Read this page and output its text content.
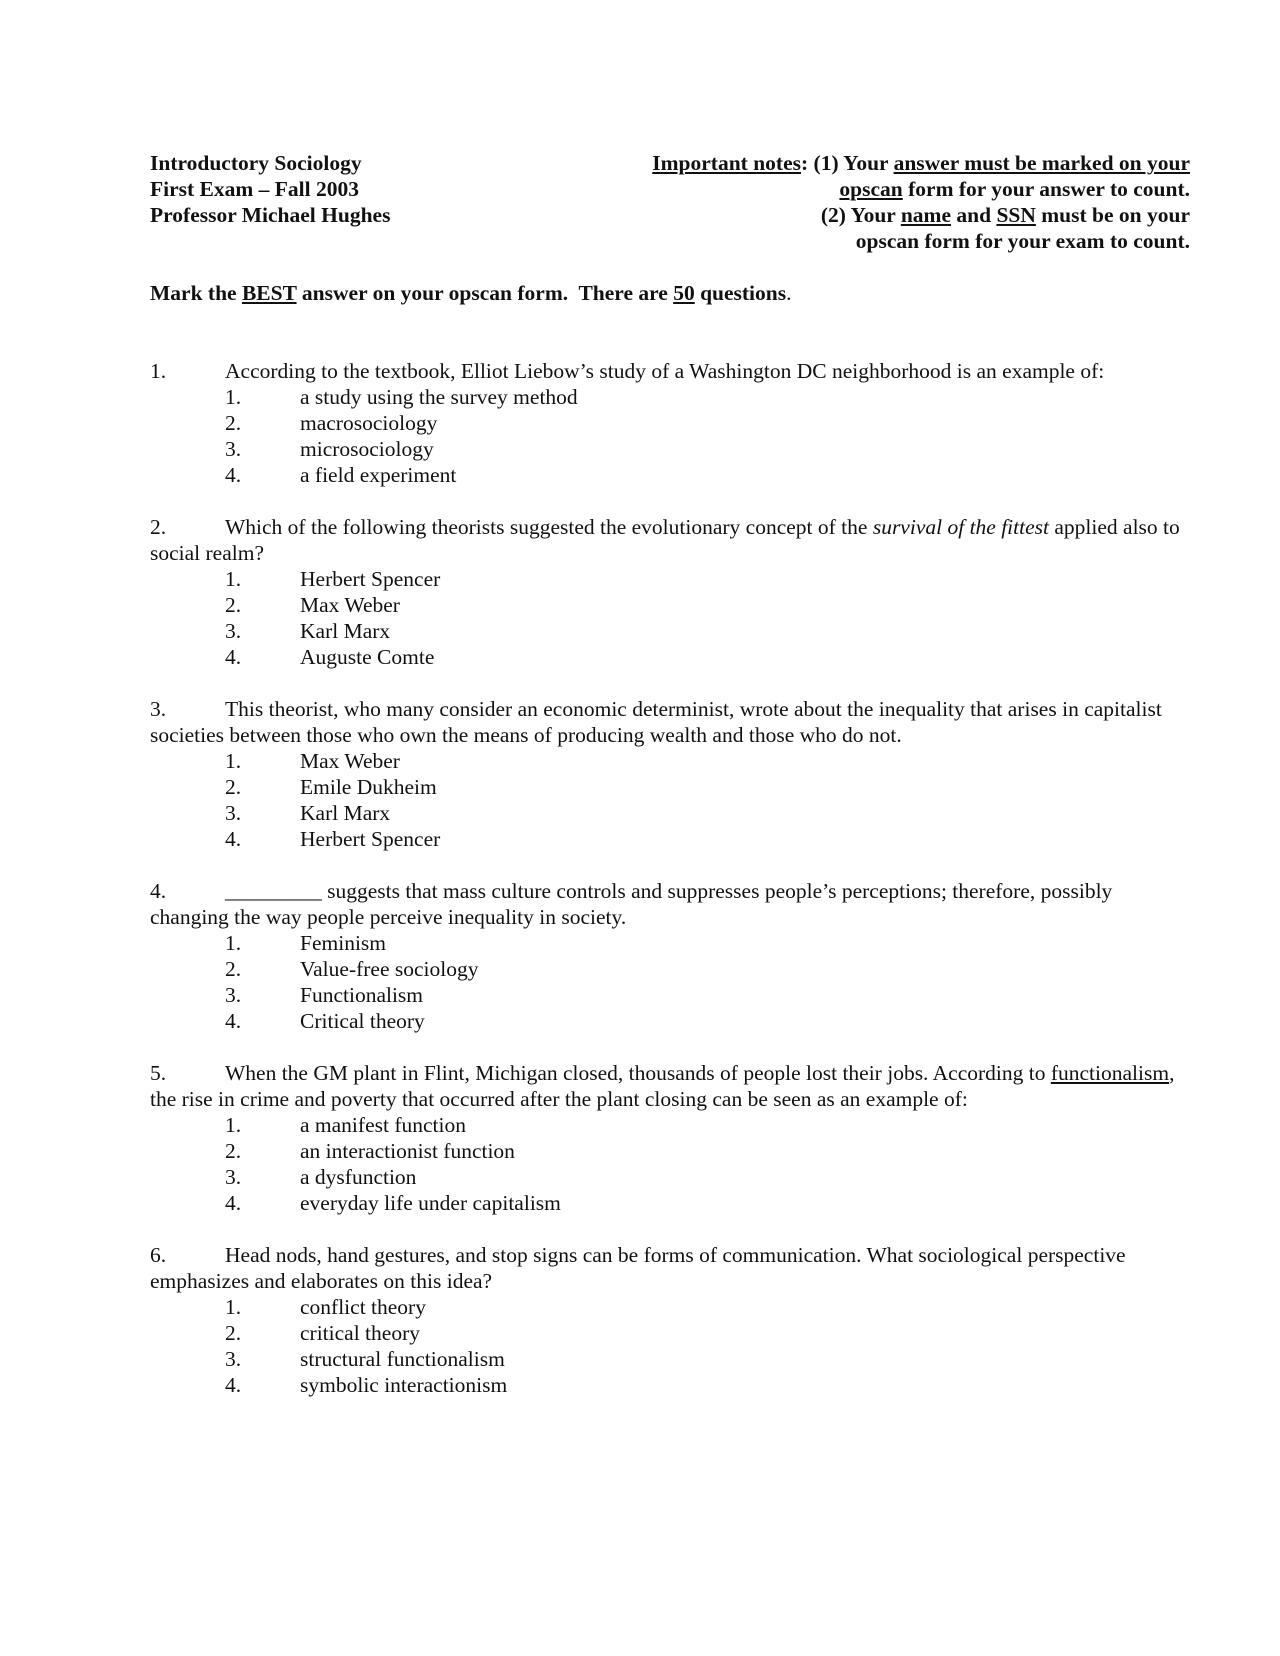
Introductory Sociology
First Exam – Fall 2003
Professor Michael Hughes
Important notes: (1) Your answer must be marked on your
opscan form for your answer to count.
(2) Your name and SSN must be on your
opscan form for your exam to count.
Mark the BEST answer on your opscan form.  There are 50 questions.
1.	According to the textbook, Elliot Liebow’s study of a Washington DC neighborhood is an example of:
1.	a study using the survey method
2.	macrosociology
3.	microsociology
4.	a field experiment
2.	Which of the following theorists suggested the evolutionary concept of the survival of the fittest applied also to social realm?
1.	Herbert Spencer
2.	Max Weber
3.	Karl Marx
4.	Auguste Comte
3.	This theorist, who many consider an economic determinist, wrote about the inequality that arises in capitalist societies between those who own the means of producing wealth and those who do not.
1.	Max Weber
2.	Emile Dukheim
3.	Karl Marx
4.	Herbert Spencer
4.	_________ suggests that mass culture controls and suppresses people’s perceptions; therefore, possibly changing the way people perceive inequality in society.
1.	Feminism
2.	Value-free sociology
3.	Functionalism
4.	Critical theory
5.	When the GM plant in Flint, Michigan closed, thousands of people lost their jobs. According to functionalism, the rise in crime and poverty that occurred after the plant closing can be seen as an example of:
1.	a manifest function
2.	an interactionist function
3.	a dysfunction
4.	everyday life under capitalism
6.	Head nods, hand gestures, and stop signs can be forms of communication. What sociological perspective emphasizes and elaborates on this idea?
1.	conflict theory
2.	critical theory
3.	structural functionalism
4.	symbolic interactionism
